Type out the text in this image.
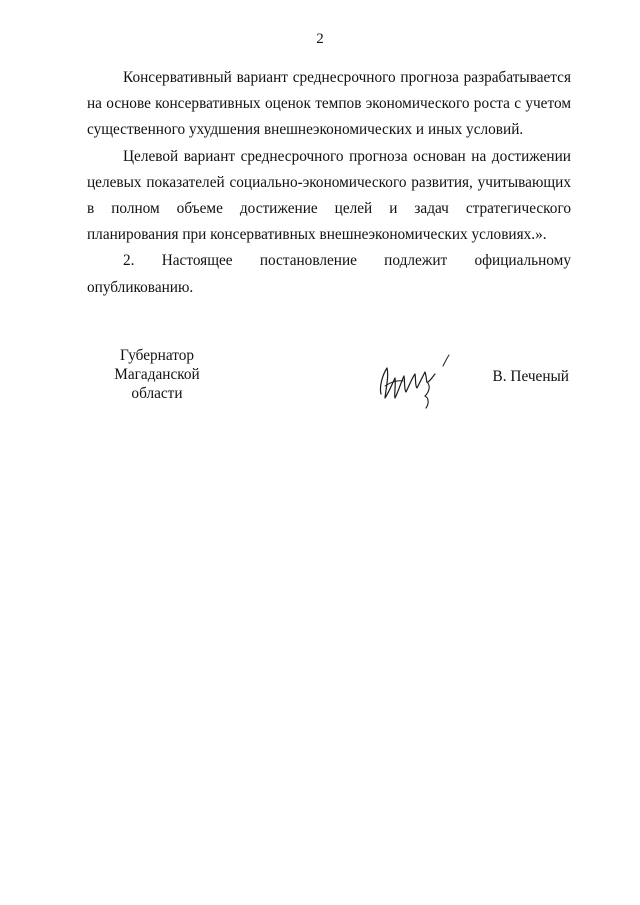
2

Консервативный вариант среднесрочного прогноза разрабатывается на основе консервативных оценок темпов экономического роста с учетом существенного ухудшения внешнеэкономических и иных условий.

Целевой вариант среднесрочного прогноза основан на достижении целевых показателей социально-экономического развития, учитывающих в полном объеме достижение целей и задач стратегического планирования при консервативных внешнеэкономических условиях.».

2. Настоящее постановление подлежит официальному
опубликованию.

Губернатор
Магаданской области
В. Печеный
